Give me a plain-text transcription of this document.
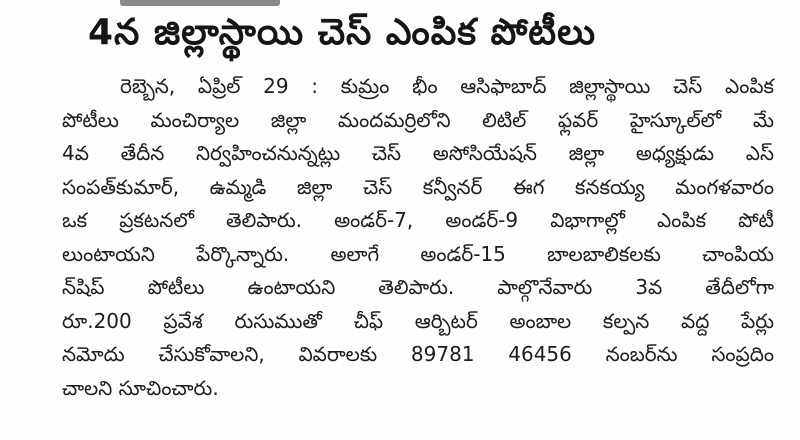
4న జిల్లాస్థాయి చెస్ ఎంపిక పోటీలు
రెబ్బెన, ఏప్రిల్ 29 : కుమ్రం భీం ఆసిఫాబాద్ జిల్లాస్థాయి చెస్ ఎంపిక
పోటీలు మంచిర్యాల జిల్లా మందమర్రిలోని లిటిల్ ఫ్లవర్ హైస్కూల్‌లో మే
4వ తేదీన నిర్వహించనున్నట్లు చెస్ అసోసియేషన్ జిల్లా అధ్యక్షుడు ఎస్
సంపత్‌కుమార్, ఉమ్మడి జిల్లా చెస్ కన్వీనర్ ఈగ కనకయ్య మంగళవారం
ఒక ప్రకటనలో తెలిపారు. అండర్-7, అండర్-9 విభాగాల్లో ఎంపిక పోటీ
లుంటాయని పేర్కొన్నారు. అలాగే అండర్-15 బాలబాలికలకు చాంపియ
న్‌షిప్ పోటీలు ఉంటాయని తెలిపారు. పాల్గొనేవారు 3వ తేదీలోగా
రూ.200 ప్రవేశ రుసుముతో చీఫ్ ఆర్బిటర్ అంబాల కల్పన వద్ద పేర్లు
నమోదు చేసుకోవాలని, వివరాలకు 89781 46456 నంబర్‌ను సంప్రదిం
చాలని సూచించారు.
